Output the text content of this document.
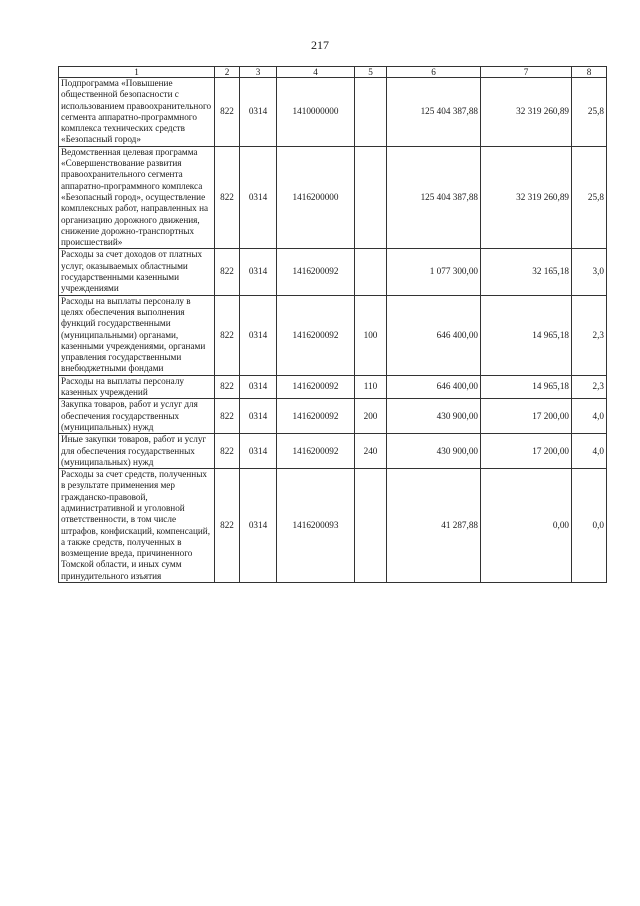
217
1	2	3	4	5	6	7	8
Подпрограмма «Повышение общественной безопасности с использованием правоохранительного сегмента аппаратно-программного комплекса технических средств «Безопасный город»	822	0314	1410000000		125 404 387,88	32 319 260,89	25,8
Ведомственная целевая программа «Совершенствование развития правоохранительного сегмента аппаратно-программного комплекса «Безопасный город», осуществление комплексных работ, направленных на организацию дорожного движения, снижение дорожно-транспортных происшествий»	822	0314	1416200000		125 404 387,88	32 319 260,89	25,8
Расходы за счет доходов от платных услуг, оказываемых областными государственными казенными учреждениями	822	0314	1416200092		1 077 300,00	32 165,18	3,0
Расходы на выплаты персоналу в целях обеспечения выполнения функций государственными (муниципальными) органами, казенными учреждениями, органами управления государственными внебюджетными фондами	822	0314	1416200092	100	646 400,00	14 965,18	2,3
Расходы на выплаты персоналу казенных учреждений	822	0314	1416200092	110	646 400,00	14 965,18	2,3
Закупка товаров, работ и услуг для обеспечения государственных (муниципальных) нужд	822	0314	1416200092	200	430 900,00	17 200,00	4,0
Иные закупки товаров, работ и услуг для обеспечения государственных (муниципальных) нужд	822	0314	1416200092	240	430 900,00	17 200,00	4,0
Расходы за счет средств, полученных в результате применения мер гражданско-правовой, административной и уголовной ответственности, в том числе штрафов, конфискаций, компенсаций, а также средств, полученных в возмещение вреда, причиненного Томской области, и иных сумм принудительного изъятия	822	0314	1416200093		41 287,88	0,00	0,0
